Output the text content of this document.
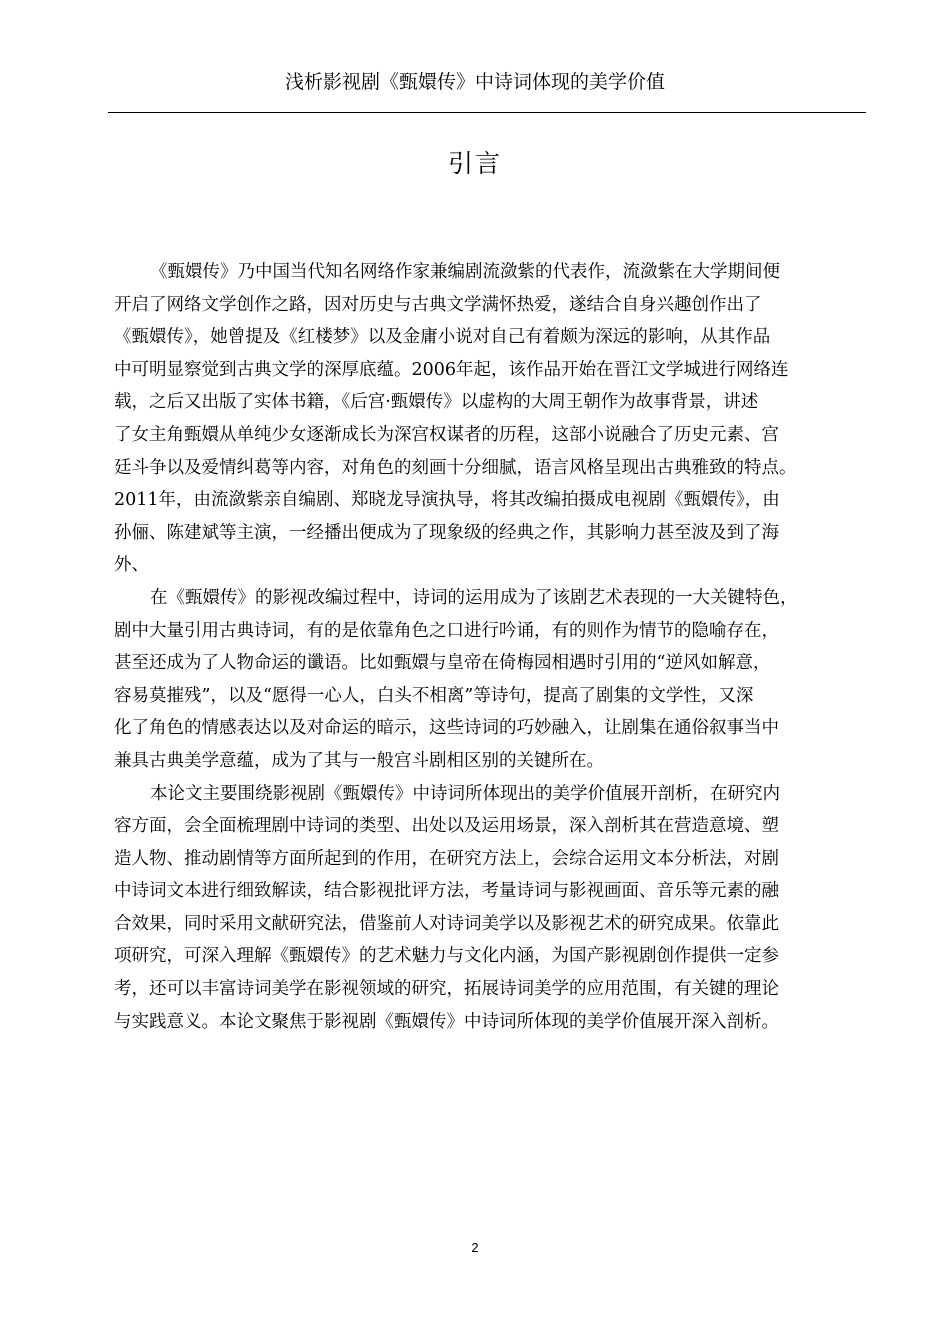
浅析影视剧《甄嬛传》中诗词体现的美学价值
引言
《甄嬛传》乃中国当代知名网络作家兼编剧流潋紫的代表作，流潋紫在大学期间便
开启了网络文学创作之路，因对历史与古典文学满怀热爱，遂结合自身兴趣创作出了
《甄嬛传》，她曾提及《红楼梦》以及金庸小说对自己有着颇为深远的影响，从其作品
中可明显察觉到古典文学的深厚底蕴。2006年起，该作品开始在晋江文学城进行网络连
载，之后又出版了实体书籍，《后宫·甄嬛传》以虚构的大周王朝作为故事背景，讲述
了女主角甄嬛从单纯少女逐渐成长为深宫权谋者的历程，这部小说融合了历史元素、宫
廷斗争以及爱情纠葛等内容，对角色的刻画十分细腻，语言风格呈现出古典雅致的特点。
2011年，由流潋紫亲自编剧、郑晓龙导演执导，将其改编拍摄成电视剧《甄嬛传》，由
孙俪、陈建斌等主演，一经播出便成为了现象级的经典之作，其影响力甚至波及到了海
外、
在《甄嬛传》的影视改编过程中，诗词的运用成为了该剧艺术表现的一大关键特色，
剧中大量引用古典诗词，有的是依靠角色之口进行吟诵，有的则作为情节的隐喻存在，
甚至还成为了人物命运的谶语。比如甄嬛与皇帝在倚梅园相遇时引用的“逆风如解意，
容易莫摧残”，以及“愿得一心人，白头不相离”等诗句，提高了剧集的文学性，又深
化了角色的情感表达以及对命运的暗示，这些诗词的巧妙融入，让剧集在通俗叙事当中
兼具古典美学意蕴，成为了其与一般宫斗剧相区别的关键所在。
本论文主要围绕影视剧《甄嬛传》中诗词所体现出的美学价值展开剖析，在研究内
容方面，会全面梳理剧中诗词的类型、出处以及运用场景，深入剖析其在营造意境、塑
造人物、推动剧情等方面所起到的作用，在研究方法上，会综合运用文本分析法，对剧
中诗词文本进行细致解读，结合影视批评方法，考量诗词与影视画面、音乐等元素的融
合效果，同时采用文献研究法，借鉴前人对诗词美学以及影视艺术的研究成果。依靠此
项研究，可深入理解《甄嬛传》的艺术魅力与文化内涵，为国产影视剧创作提供一定参
考，还可以丰富诗词美学在影视领域的研究，拓展诗词美学的应用范围，有关键的理论
与实践意义。本论文聚焦于影视剧《甄嬛传》中诗词所体现的美学价值展开深入剖析。
2
